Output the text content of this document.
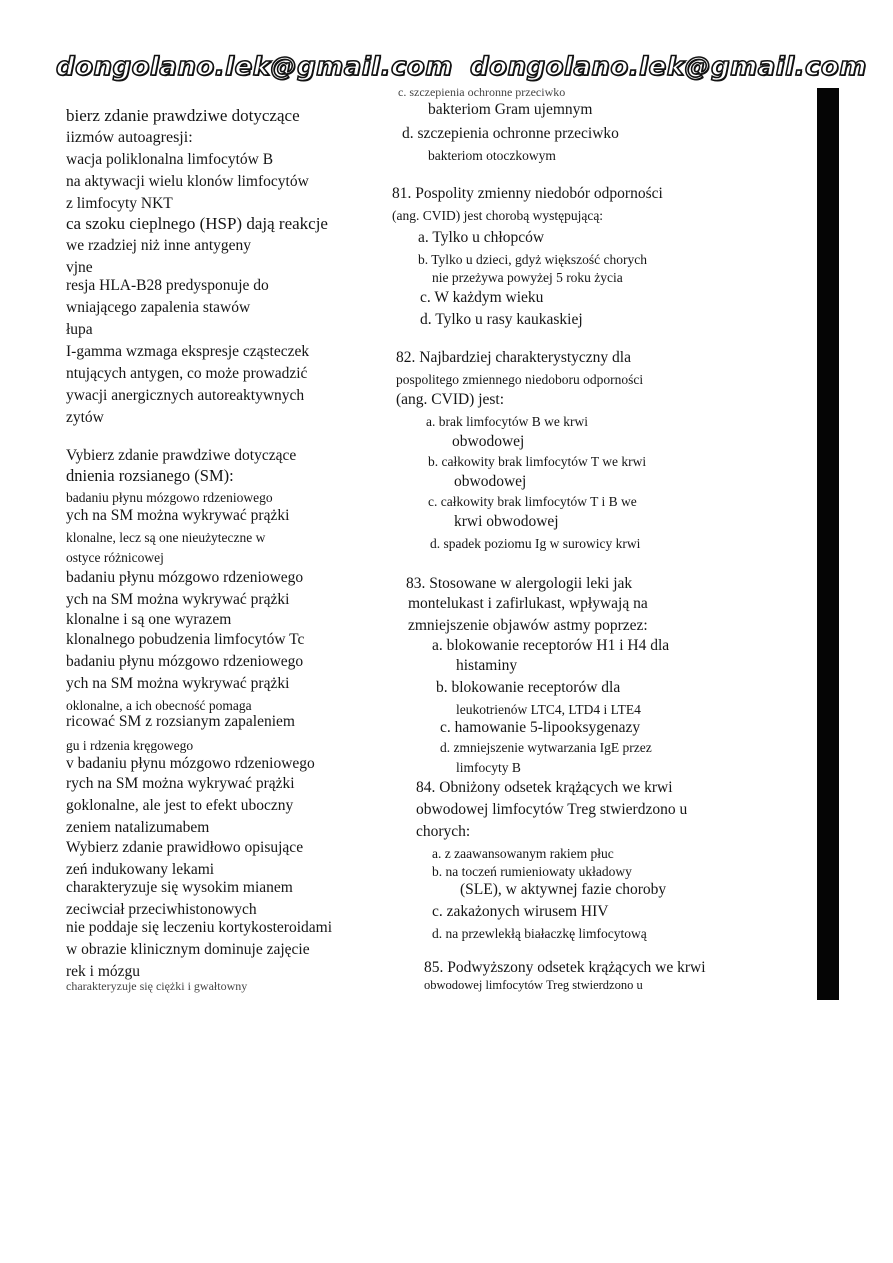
dongolano.lek@gmail.com dongolano.lek@gmail.com
bierz zdanie prawdziwe dotyczące
iizmów autoagresji:
wacja poliklonalna limfocytów B
na aktywacji wielu klonów limfocytów
z limfocyty NKT
ca szoku cieplnego (HSP) dają reakcje
we rzadziej niż inne antygeny
vjne
resja HLA-B28 predysponuje do
wniającego zapalenia stawów
łupa
I-gamma wzmaga ekspresje cząsteczek
ntujących antygen, co może prowadzić
ywacji anergicznych autoreaktywnych
zytów
Vybierz zdanie prawdziwe dotyczące
dnienia rozsianego (SM):
badaniu płynu mózgowo rdzeniowego
ych na SM można wykrywać prążki
klonalne, lecz są one nieużyteczne w
ostyce różnicowej
badaniu płynu mózgowo rdzeniowego
ych na SM można wykrywać prążki
klonalne i są one wyrazem
klonalnego pobudzenia limfocytów Tc
badaniu płynu mózgowo rdzeniowego
ych na SM można wykrywać prążki
oklonalne, a ich obecność pomaga
ricować SM z rozsianym zapaleniem
gu i rdzenia kręgowego
v badaniu płynu mózgowo rdzeniowego
rych na SM można wykrywać prążki
goklonalne, ale jest to efekt uboczny
zeniem natalizumabem
Wybierz zdanie prawidłowo opisujące
zeń indukowany lekami
charakteryzuje się wysokim mianem
zeciwciał przeciwhistonowych
nie poddaje się leczeniu kortykosteroidami
w obrazie klinicznym dominuje zajęcie
rek i mózgu
charakteryzuje się ciężki i gwałtowny
c. szczepienia ochronne przeciwko
bakteriom Gram ujemnym
d. szczepienia ochronne przeciwko
bakteriom otoczkowym
81. Pospolity zmienny niedobór odporności
(ang. CVID) jest chorobą występującą:
a. Tylko u chłopców
b. Tylko u dzieci, gdyż większość chorych
nie przeżywa powyżej 5 roku życia
c. W każdym wieku
d. Tylko u rasy kaukaskiej
82. Najbardziej charakterystyczny dla
pospolitego zmiennego niedoboru odporności
(ang. CVID) jest:
a. brak limfocytów B we krwi
obwodowej
b. całkowity brak limfocytów T we krwi
obwodowej
c. całkowity brak limfocytów T i B we
krwi obwodowej
d. spadek poziomu Ig w surowicy krwi
83. Stosowane w alergologii leki jak
montelukast i zafirlukast, wpływają na
zmniejszenie objawów astmy poprzez:
a. blokowanie receptorów H1 i H4 dla
histaminy
b. blokowanie receptorów dla
leukotrienów LTC4, LTD4 i LTE4
c. hamowanie 5-lipooksygenazy
d. zmniejszenie wytwarzania IgE przez
limfocyty B
84. Obniżony odsetek krążących we krwi
obwodowej limfocytów Treg stwierdzono u
chorych:
a. z zaawansowanym rakiem płuc
b. na toczeń rumieniowaty układowy
(SLE), w aktywnej fazie choroby
c. zakażonych wirusem HIV
d. na przewlekłą białaczkę limfocytową
85. Podwyższony odsetek krążących we krwi
obwodowej limfocytów Treg stwierdzono u
